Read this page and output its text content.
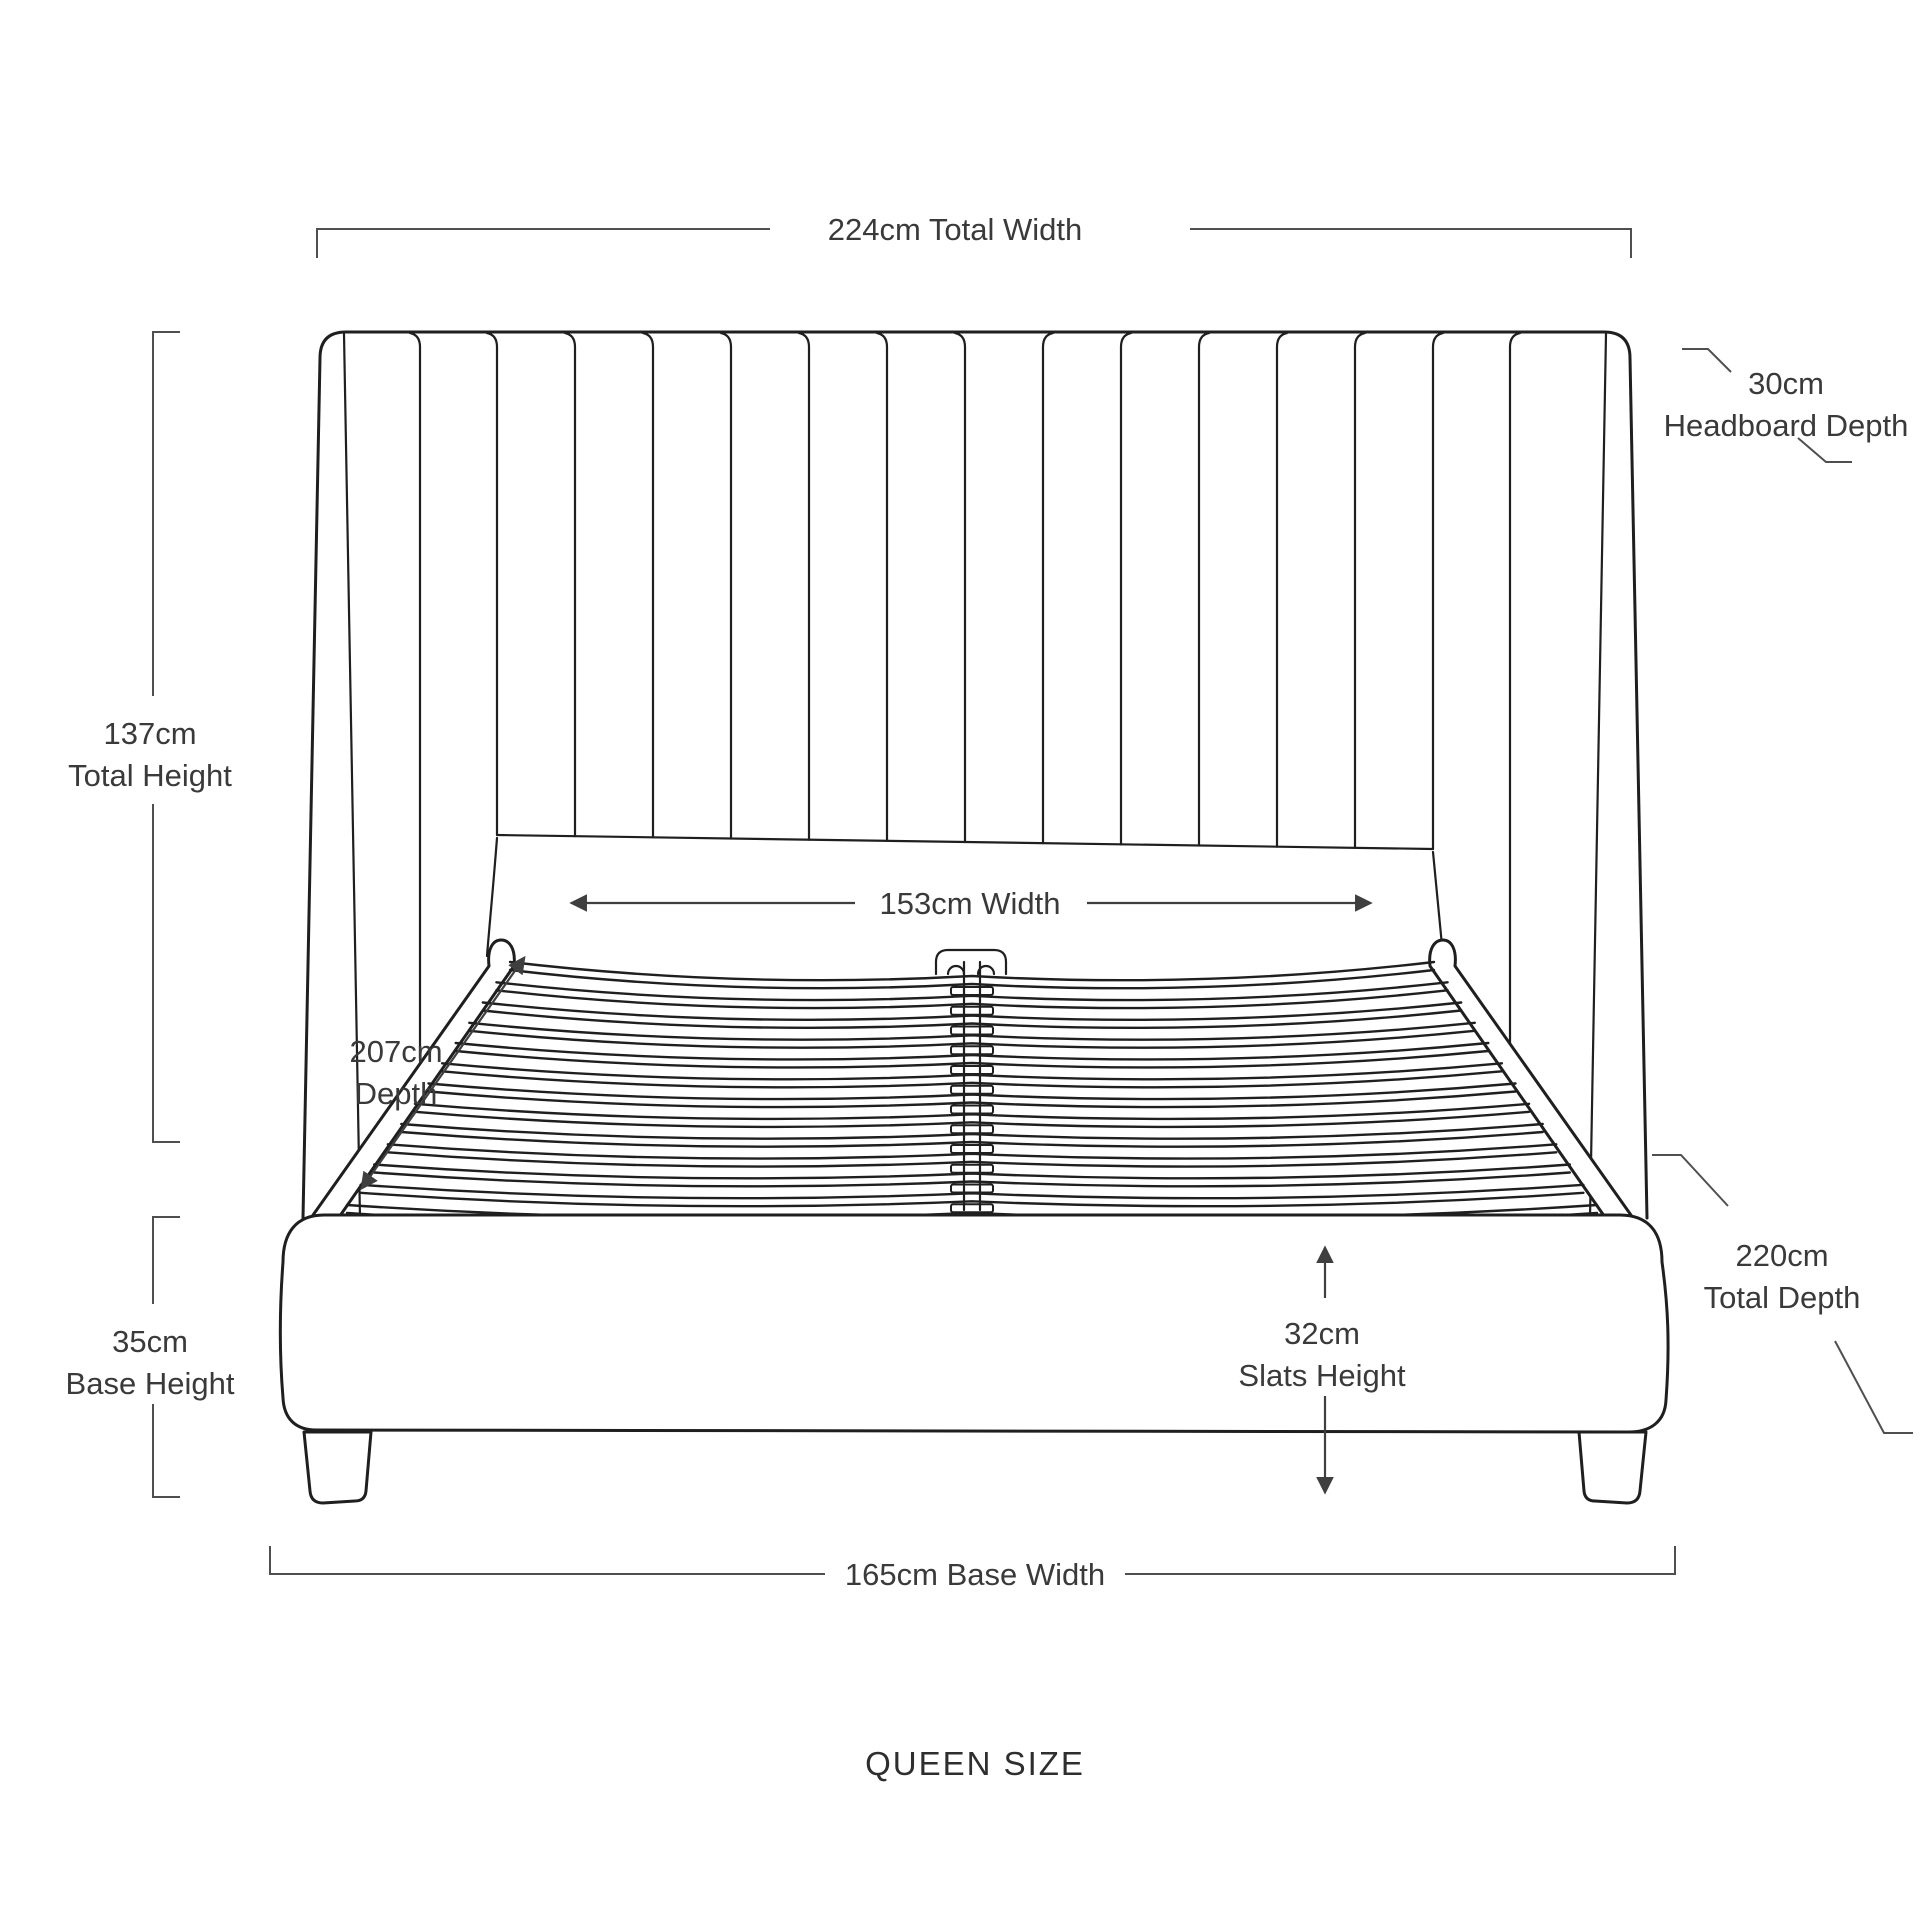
224cm Total Width
30cm
Headboard Depth
137cm
Total Height
153cm Width
207cm
Depth
220cm
Total Depth
35cm
Base Height
32cm
Slats Height
165cm Base Width
QUEEN SIZE
